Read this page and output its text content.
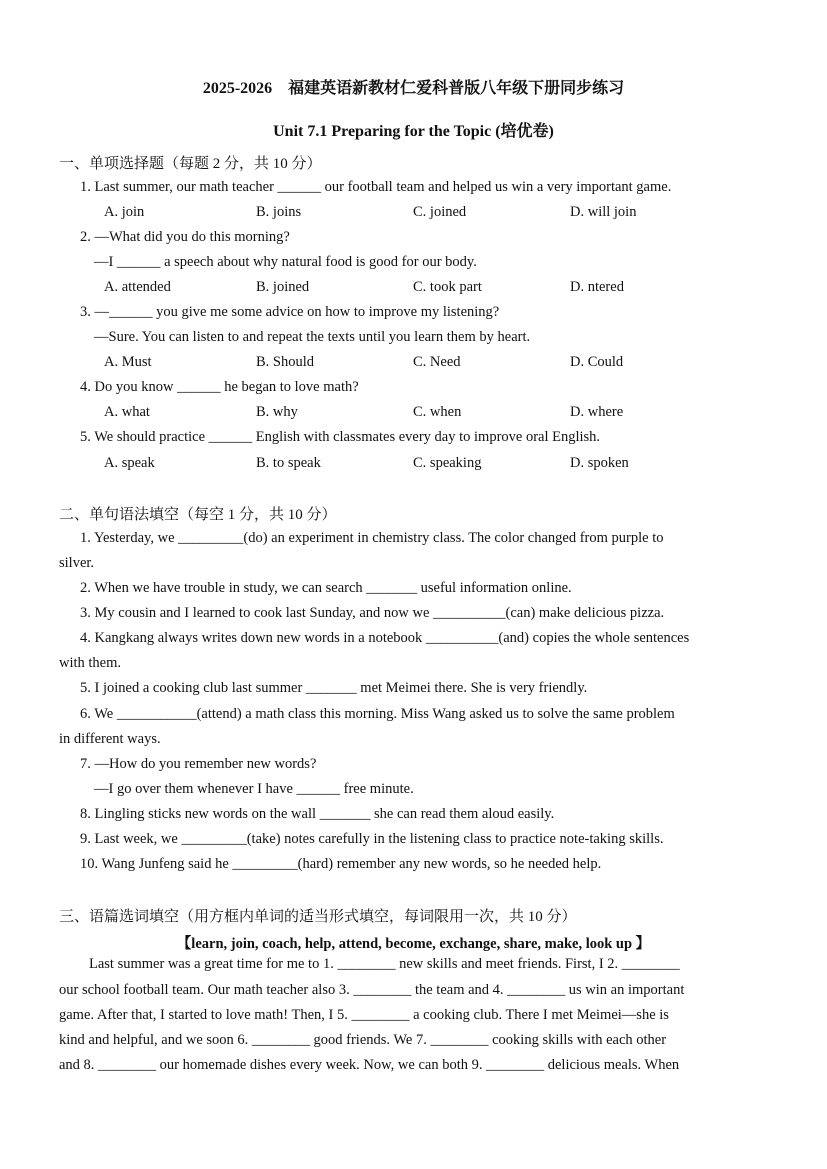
2025-2026　福建英语新教材仁爱科普版八年级下册同步练习
Unit 7.1 Preparing for the Topic (培优卷)
一、单项选择题（每题 2 分，共 10 分）
1. Last summer, our math teacher ______ our football team and helped us win a very important game.
A. join	B. joins	C. joined	D. will join
2. —What did you do this morning?
—I ______ a speech about why natural food is good for our body.
A. attended	B. joined	C. took part	D. ntered
3. —______ you give me some advice on how to improve my listening?
—Sure. You can listen to and repeat the texts until you learn them by heart.
A. Must	B. Should	C. Need	D. Could
4. Do you know ______ he began to love math?
A. what	B. why	C. when	D. where
5. We should practice ______ English with classmates every day to improve oral English.
A. speak	B. to speak	C. speaking	D. spoken
二、单句语法填空（每空 1 分，共 10 分）
1. Yesterday, we _________(do) an experiment in chemistry class. The color changed from purple to
silver.
2. When we have trouble in study, we can search _______ useful information online.
3. My cousin and I learned to cook last Sunday, and now we __________(can) make delicious pizza.
4. Kangkang always writes down new words in a notebook __________(and) copies the whole sentences
with them.
5. I joined a cooking club last summer _______ met Meimei there. She is very friendly.
6. We ___________(attend) a math class this morning. Miss Wang asked us to solve the same problem
in different ways.
7. —How do you remember new words?
—I go over them whenever I have ______ free minute.
8. Lingling sticks new words on the wall _______ she can read them aloud easily.
9. Last week, we _________(take) notes carefully in the listening class to practice note-taking skills.
10. Wang Junfeng said he _________(hard) remember any new words, so he needed help.
三、语篇选词填空（用方框内单词的适当形式填空，每词限用一次，共 10 分）
【learn, join, coach, help, attend, become, exchange, share, make, look up 】
Last summer was a great time for me to 1. ________ new skills and meet friends. First, I 2. ________
our school football team. Our math teacher also 3. ________ the team and 4. ________ us win an important
game. After that, I started to love math! Then, I 5. ________ a cooking club. There I met Meimei—she is
kind and helpful, and we soon 6. ________ good friends. We 7. ________ cooking skills with each other
and 8. ________ our homemade dishes every week. Now, we can both 9. ________ delicious meals. When
